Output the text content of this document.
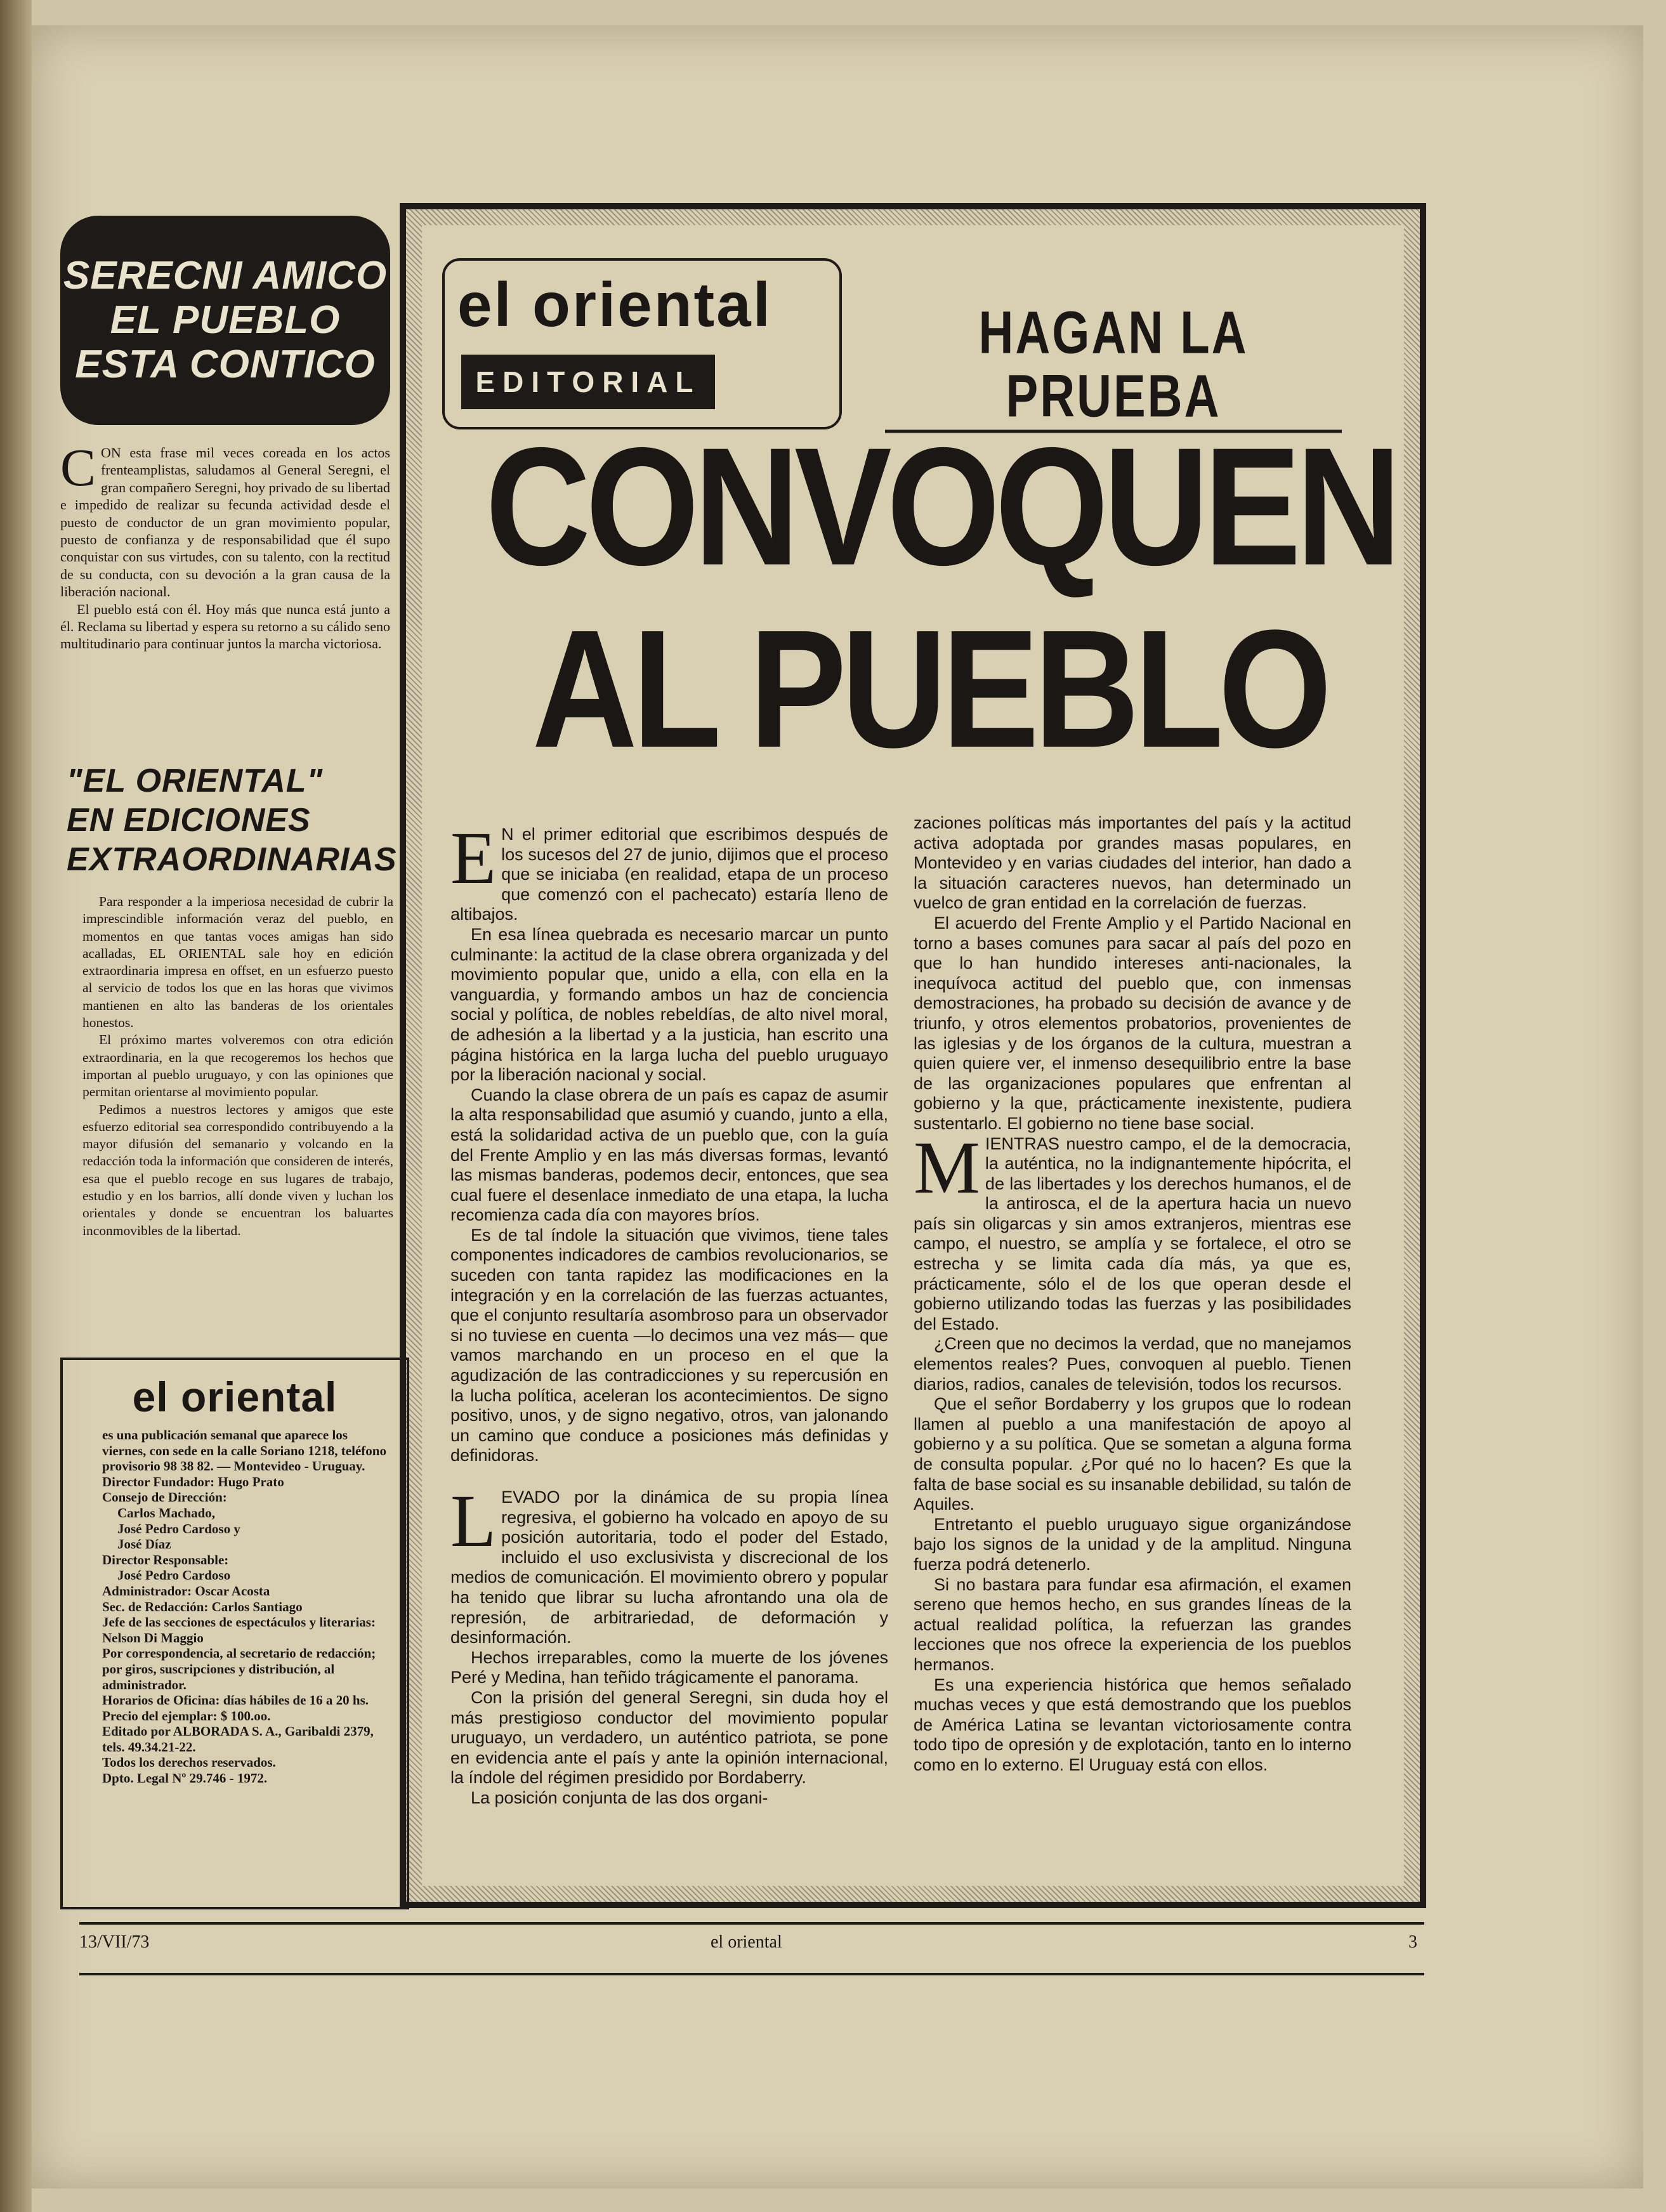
SERECNI AMICO
EL PUEBLO
ESTA CONTICO

CON esta frase mil veces coreada en los actos frenteamplistas, saludamos al General Seregni, el gran compañero Seregni, hoy privado de su libertad e impedido de realizar su fecunda actividad desde el puesto de conductor de un gran movimiento popular, puesto de confianza y de responsabilidad que él supo conquistar con sus virtudes, con su talento, con la rectitud de su conducta, con su devoción a la gran causa de la liberación nacional.

El pueblo está con él. Hoy más que nunca está junto a él. Reclama su libertad y espera su retorno a su cálido seno multitudinario para continuar juntos la marcha victoriosa.

"EL ORIENTAL"
EN EDICIONES
EXTRAORDINARIAS

Para responder a la imperiosa necesidad de cubrir la imprescindible información veraz del pueblo, en momentos en que tantas voces amigas han sido acalladas, EL ORIENTAL sale hoy en edición extraordinaria impresa en offset, en un esfuerzo puesto al servicio de todos los que en las horas que vivimos mantienen en alto las banderas de los orientales honestos.

El próximo martes volveremos con otra edición extraordinaria, en la que recogeremos los hechos que importan al pueblo uruguayo, y con las opiniones que permitan orientarse al movimiento popular.

Pedimos a nuestros lectores y amigos que este esfuerzo editorial sea correspondido contribuyendo a la mayor difusión del semanario y volcando en la redacción toda la información que consideren de interés, esa que el pueblo recoge en sus lugares de trabajo, estudio y en los barrios, allí donde viven y luchan los orientales y donde se encuentran los baluartes inconmovibles de la libertad.

el oriental

es una publicación semanal que aparece los viernes, con sede en la calle Soriano 1218, teléfono provisorio 98 38 82. — Montevideo - Uruguay.

Director Fundador: Hugo Prato

Consejo de Dirección:

Carlos Machado,

José Pedro Cardoso y

José Díaz

Director Responsable:

José Pedro Cardoso

Administrador: Oscar Acosta

Sec. de Redacción: Carlos Santiago

Jefe de las secciones de espectáculos y literarias: Nelson Di Maggio

Por correspondencia, al secretario de redacción; por giros, suscripciones y distribución, al administrador.

Horarios de Oficina: días hábiles de 16 a 20 hs.

Precio del ejemplar: $ 100.oo.

Editado por ALBORADA S. A., Garibaldi 2379, tels. 49.34.21-22.

Todos los derechos reservados.

Dpto. Legal Nº 29.746 - 1972.

el oriental
EDITORIAL
HAGAN LA PRUEBA
CONVOQUEN
AL PUEBLO

E N el primer editorial que escribimos después de los sucesos del 27 de junio, dijimos que el proceso que se iniciaba (en realidad, etapa de un proceso que comenzó con el pachecato) estaría lleno de altibajos.

En esa línea quebrada es necesario marcar un punto culminante: la actitud de la clase obrera organizada y del movimiento popular que, unido a ella, con ella en la vanguardia, y formando ambos un haz de conciencia social y política, de nobles rebeldías, de alto nivel moral, de adhesión a la libertad y a la justicia, han escrito una página histórica en la larga lucha del pueblo uruguayo por la liberación nacional y social.

Cuando la clase obrera de un país es capaz de asumir la alta responsabilidad que asumió y cuando, junto a ella, está la solidaridad activa de un pueblo que, con la guía del Frente Amplio y en las más diversas formas, levantó las mismas banderas, podemos decir, entonces, que sea cual fuere el desenlace inmediato de una etapa, la lucha recomienza cada día con mayores bríos.

Es de tal índole la situación que vivimos, tiene tales componentes indicadores de cambios revolucionarios, se suceden con tanta rapidez las modificaciones en la integración y en la correlación de las fuerzas actuantes, que el conjunto resultaría asombroso para un observador si no tuviese en cuenta —lo decimos una vez más— que vamos marchando en un proceso en el que la agudización de las contradicciones y su repercusión en la lucha política, aceleran los acontecimientos. De signo positivo, unos, y de signo negativo, otros, van jalonando un camino que conduce a posiciones más definidas y definidoras.

LEVADO por la dinámica de su propia línea regresiva, el gobierno ha volcado en apoyo de su posición autoritaria, todo el poder del Estado, incluido el uso exclusivista y discrecional de los medios de comunicación. El movimiento obrero y popular ha tenido que librar su lucha afrontando una ola de represión, de arbitrariedad, de deformación y desinformación.

Hechos irreparables, como la muerte de los jóvenes Peré y Medina, han teñido trágicamente el panorama.

Con la prisión del general Seregni, sin duda hoy el más prestigioso conductor del movimiento popular uruguayo, un verdadero, un auténtico patriota, se pone en evidencia ante el país y ante la opinión internacional, la índole del régimen presidido por Bordaberry.

La posición conjunta de las dos organi-

zaciones políticas más importantes del país y la actitud activa adoptada por grandes masas populares, en Montevideo y en varias ciudades del interior, han dado a la situación caracteres nuevos, han determinado un vuelco de gran entidad en la correlación de fuerzas.

El acuerdo del Frente Amplio y el Partido Nacional en torno a bases comunes para sacar al país del pozo en que lo han hundido intereses anti-nacionales, la inequívoca actitud del pueblo que, con inmensas demostraciones, ha probado su decisión de avance y de triunfo, y otros elementos probatorios, provenientes de las iglesias y de los órganos de la cultura, muestran a quien quiere ver, el inmenso desequilibrio entre la base de las organizaciones populares que enfrentan al gobierno y la que, prácticamente inexistente, pudiera sustentarlo. El gobierno no tiene base social.

MIENTRAS nuestro campo, el de la democracia, la auténtica, no la indignantemente hipócrita, el de las libertades y los derechos humanos, el de la antirosca, el de la apertura hacia un nuevo país sin oligarcas y sin amos extranjeros, mientras ese campo, el nuestro, se amplía y se fortalece, el otro se estrecha y se limita cada día más, ya que es, prácticamente, sólo el de los que operan desde el gobierno utilizando todas las fuerzas y las posibilidades del Estado.

¿Creen que no decimos la verdad, que no manejamos elementos reales? Pues, convoquen al pueblo. Tienen diarios, radios, canales de televisión, todos los recursos.

Que el señor Bordaberry y los grupos que lo rodean llamen al pueblo a una manifestación de apoyo al gobierno y a su política. Que se sometan a alguna forma de consulta popular. ¿Por qué no lo hacen? Es que la falta de base social es su insanable debilidad, su talón de Aquiles.

Entretanto el pueblo uruguayo sigue organizándose bajo los signos de la unidad y de la amplitud. Ninguna fuerza podrá detenerlo.

Si no bastara para fundar esa afirmación, el examen sereno que hemos hecho, en sus grandes líneas de la actual realidad política, la refuerzan las grandes lecciones que nos ofrece la experiencia de los pueblos hermanos.

Es una experiencia histórica que hemos señalado muchas veces y que está demostrando que los pueblos de América Latina se levantan victoriosamente contra todo tipo de opresión y de explotación, tanto en lo interno como en lo externo. El Uruguay está con ellos.

13/VII/73	el oriental	3
